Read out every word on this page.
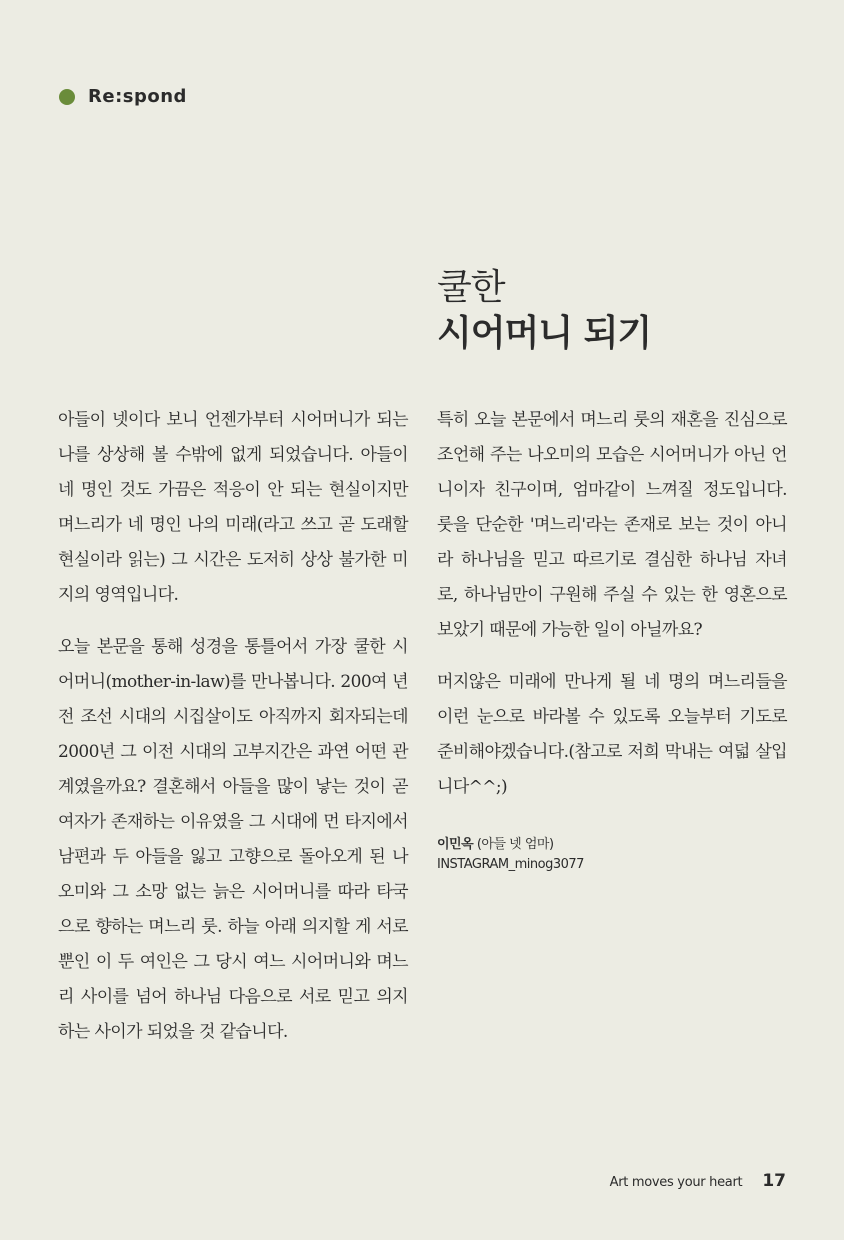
Re:spond
쿨한
시어머니 되기

아들이 넷이다 보니 언젠가부터 시어머니가 되는 나를 상상해 볼 수밖에 없게 되었습니다. 아들이 네 명인 것도 가끔은 적응이 안 되는 현실이지만 며느리가 네 명인 나의 미래(라고 쓰고 곧 도래할 현실이라 읽는) 그 시간은 도저히 상상 불가한 미지의 영역입니다.

오늘 본문을 통해 성경을 통틀어서 가장 쿨한 시어머니(mother-in-law)를 만나봅니다. 200여 년 전 조선 시대의 시집살이도 아직까지 회자되는데 2000년 그 이전 시대의 고부지간은 과연 어떤 관계였을까요? 결혼해서 아들을 많이 낳는 것이 곧 여자가 존재하는 이유였을 그 시대에 먼 타지에서 남편과 두 아들을 잃고 고향으로 돌아오게 된 나오미와 그 소망 없는 늙은 시어머니를 따라 타국으로 향하는 며느리 룻. 하늘 아래 의지할 게 서로뿐인 이 두 여인은 그 당시 여느 시어머니와 며느리 사이를 넘어 하나님 다음으로 서로 믿고 의지하는 사이가 되었을 것 같습니다.

특히 오늘 본문에서 며느리 룻의 재혼을 진심으로 조언해 주는 나오미의 모습은 시어머니가 아닌 언니이자 친구이며, 엄마같이 느껴질 정도입니다. 룻을 단순한 '며느리'라는 존재로 보는 것이 아니라 하나님을 믿고 따르기로 결심한 하나님 자녀로, 하나님만이 구원해 주실 수 있는 한 영혼으로 보았기 때문에 가능한 일이 아닐까요?

머지않은 미래에 만나게 될 네 명의 며느리들을 이런 눈으로 바라볼 수 있도록 오늘부터 기도로 준비해야겠습니다.(참고로 저희 막내는 여덟 살입니다^^;)

이민옥 (아들 넷 엄마)
INSTAGRAM_minog3077
Art moves your heart 17
